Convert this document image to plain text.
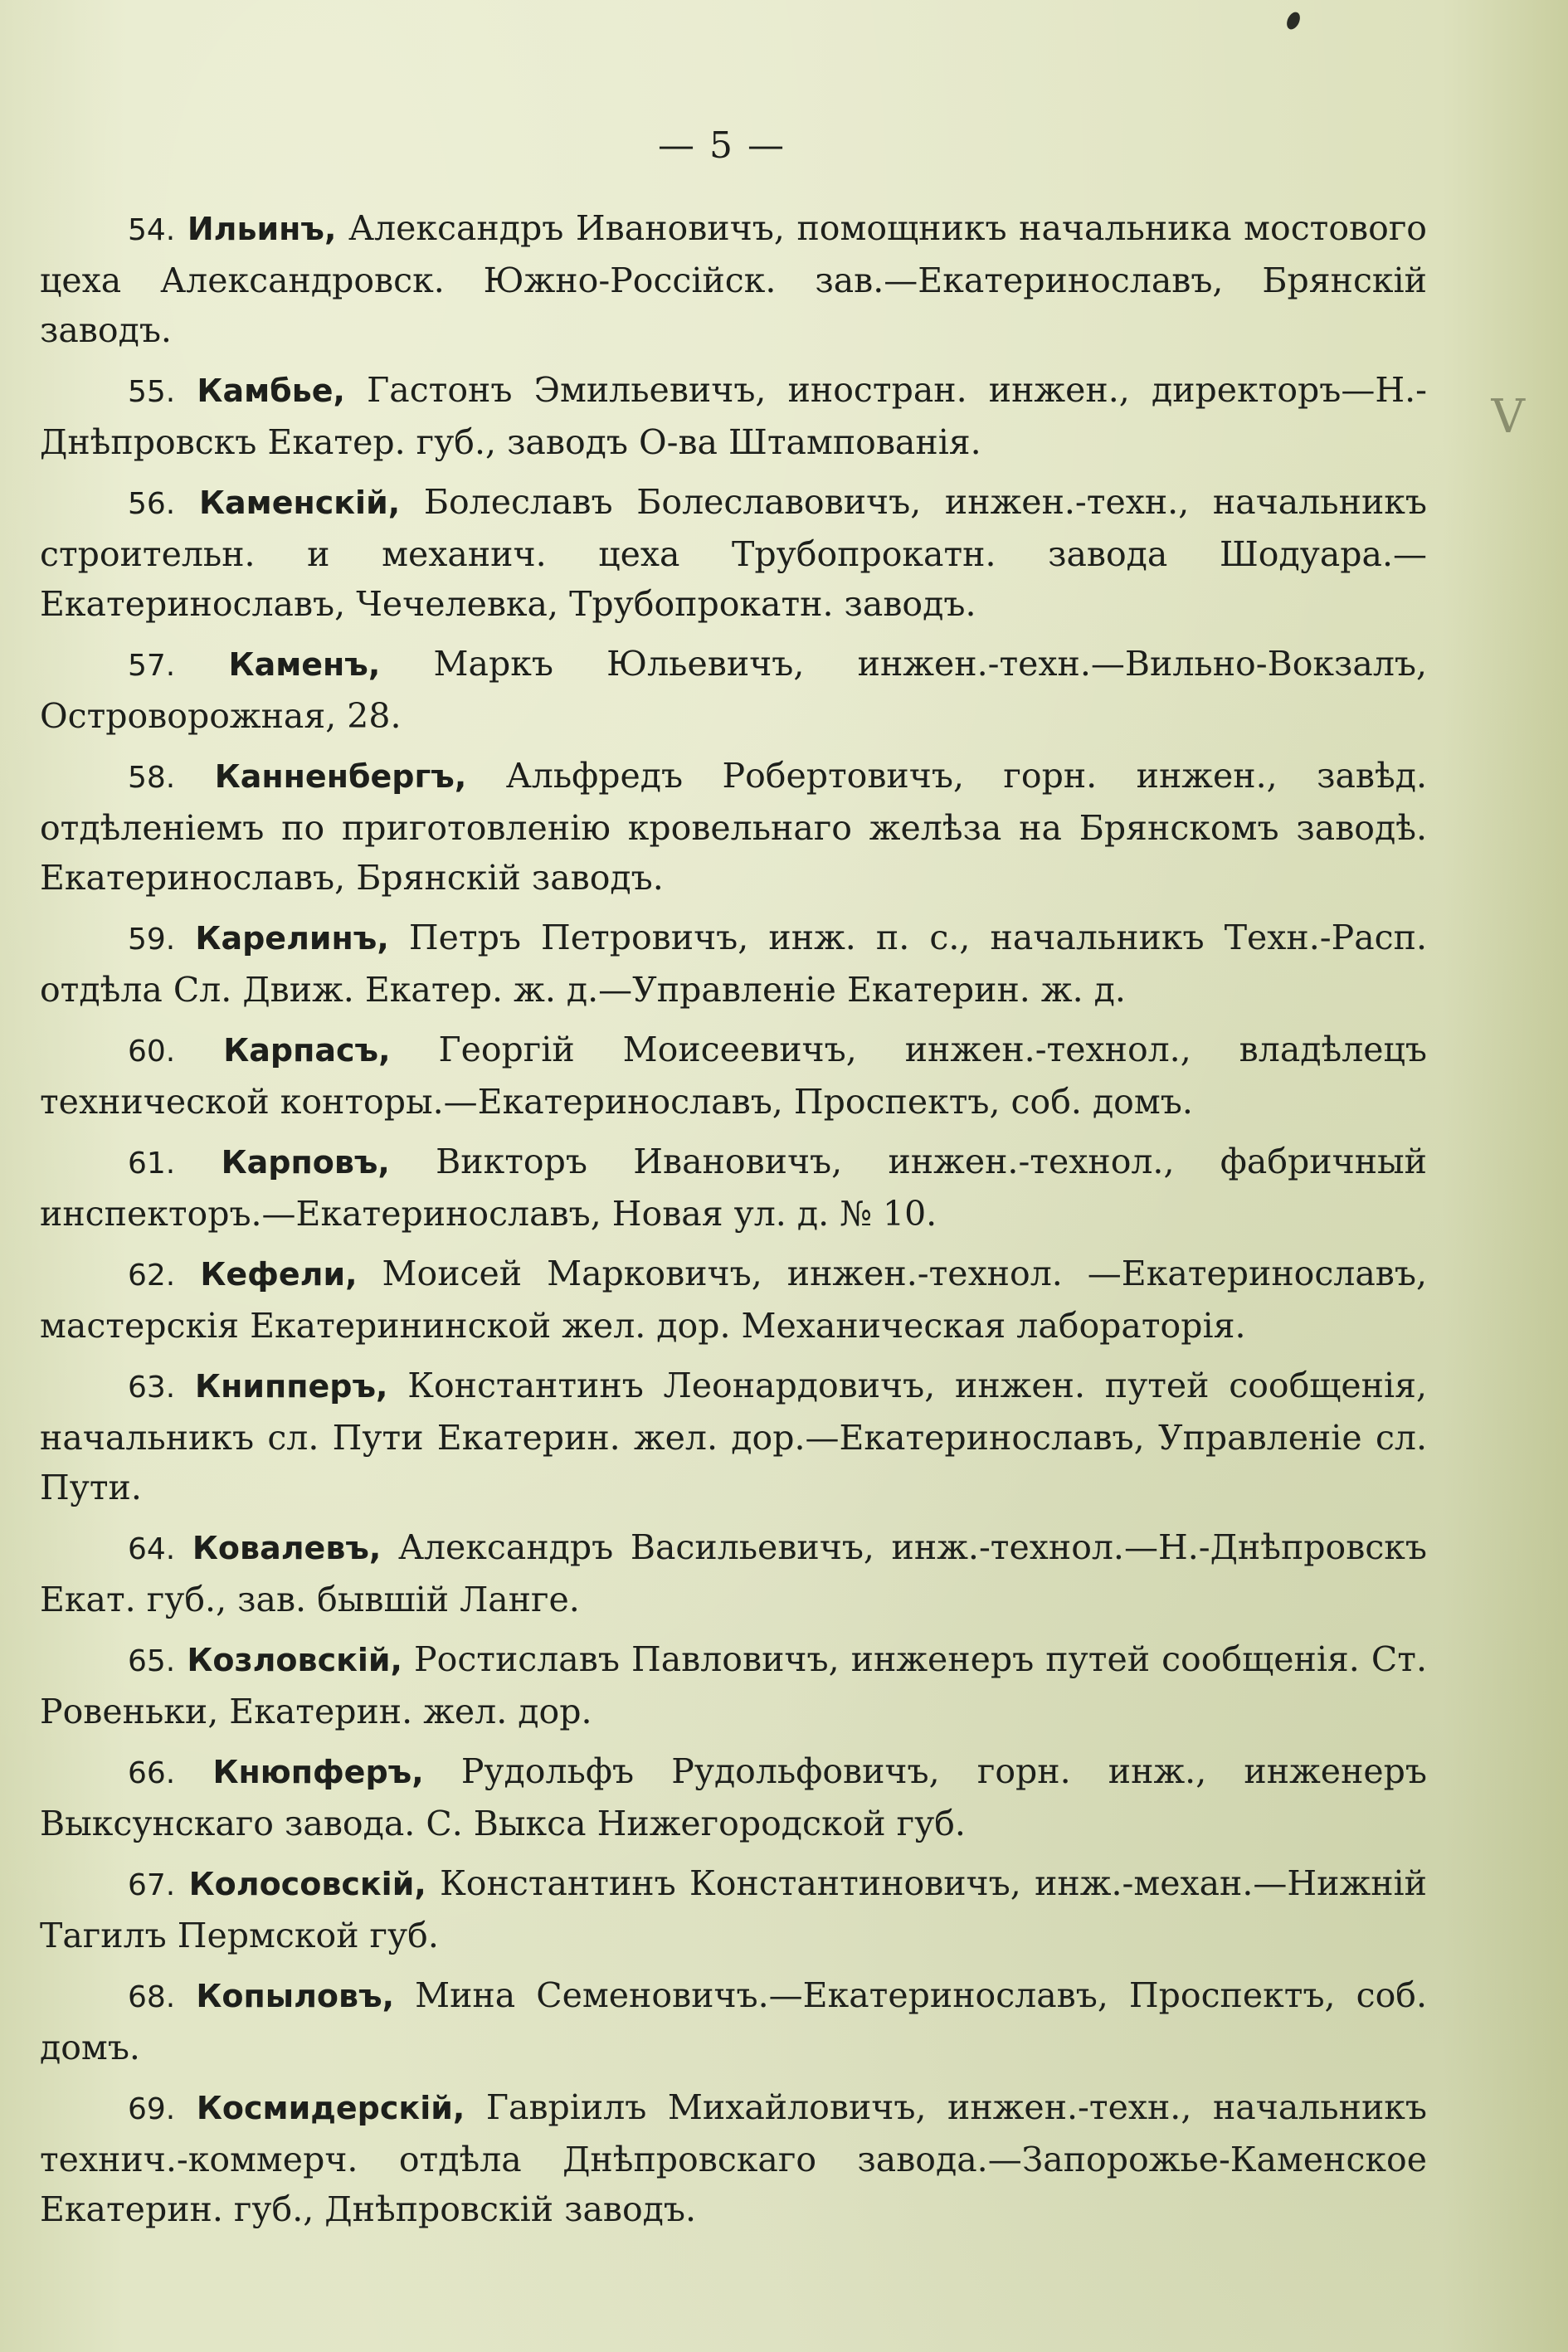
— 5 —
V

54. Ильинъ, Александръ Ивановичъ, помощникъ начальника мостового цеха Александровск. Южно-Россійск. зав.—Екатеринославъ, Брянскій заводъ.

55. Камбье, Гастонъ Эмильевичъ, иностран. инжен., директоръ—Н.-Днѣпровскъ Екатер. губ., заводъ О-ва Штампованія.

56. Каменскій, Болеславъ Болеславовичъ, инжен.-техн., начальникъ строительн. и механич. цеха Трубопрокатн. завода Шодуара.—Екатеринославъ, Чечелевка, Трубопрокатн. заводъ.

57. Каменъ, Маркъ Юльевичъ, инжен.-техн.—Вильно-Вокзалъ, Островорожная, 28.

58. Канненбергъ, Альфредъ Робертовичъ, горн. инжен., завѣд. отдѣленіемъ по приготовленію кровельнаго желѣза на Брянскомъ заводѣ. Екатеринославъ, Брянскій заводъ.

59. Карелинъ, Петръ Петровичъ, инж. п. с., начальникъ Техн.-Расп. отдѣла Сл. Движ. Екатер. ж. д.—Управленіе Екатерин. ж. д.

60. Карпасъ, Георгій Моисеевичъ, инжен.-технол., владѣлецъ технической конторы.—Екатеринославъ, Проспектъ, соб. домъ.

61. Карповъ, Викторъ Ивановичъ, инжен.-технол., фабричный инспекторъ.—Екатеринославъ, Новая ул. д. № 10.

62. Кефели, Моисей Марковичъ, инжен.-технол. —Екатеринославъ, мастерскія Екатерининской жел. дор. Механическая лабораторія.

63. Книпперъ, Константинъ Леонардовичъ, инжен. путей сообщенія, начальникъ сл. Пути Екатерин. жел. дор.—Екатеринославъ, Управленіе сл. Пути.

64. Ковалевъ, Александръ Васильевичъ, инж.-технол.—Н.-Днѣпровскъ Екат. губ., зав. бывшій Ланге.

65. Козловскій, Ростиславъ Павловичъ, инженеръ путей сообщенія. Ст. Ровеньки, Екатерин. жел. дор.

66. Кнюпферъ, Рудольфъ Рудольфовичъ, горн. инж., инженеръ Выксунскаго завода. С. Выкса Нижегородской губ.

67. Колосовскій, Константинъ Константиновичъ, инж.-механ.—Нижній Тагилъ Пермской губ.

68. Копыловъ, Мина Семеновичъ.—Екатеринославъ, Проспектъ, соб. домъ.

69. Космидерскій, Гавріилъ Михайловичъ, инжен.-техн., начальникъ технич.-коммерч. отдѣла Днѣпровскаго завода.—Запорожье-Каменское Екатерин. губ., Днѣпровскій заводъ.
